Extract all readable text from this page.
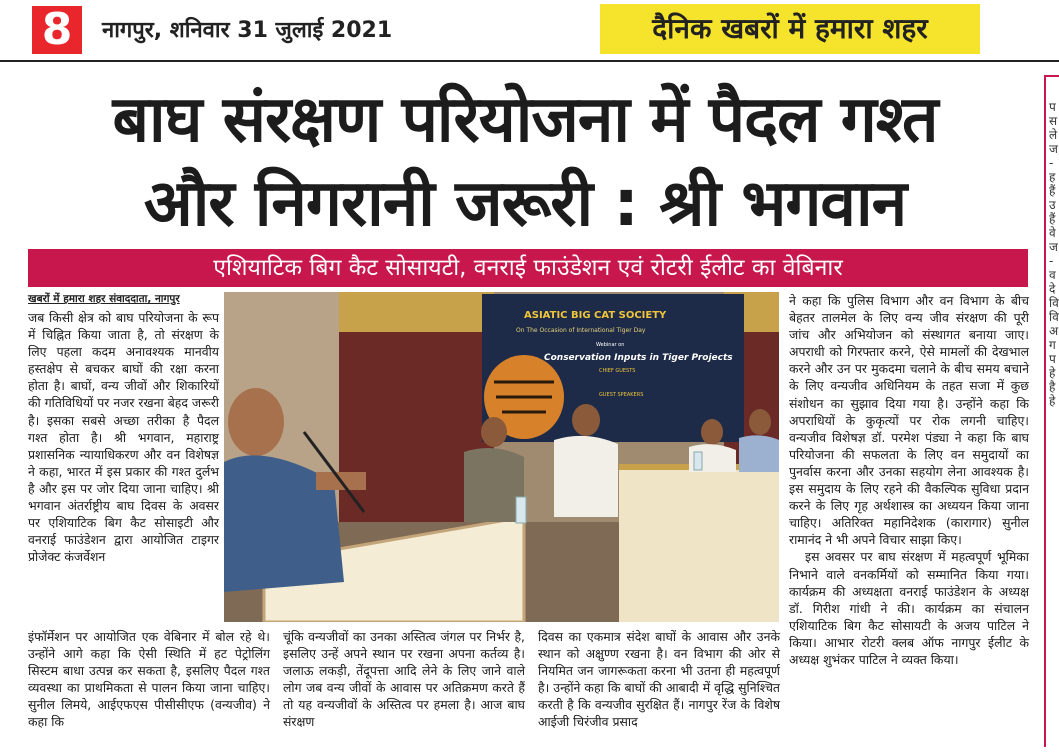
8	नागपुर, शनिवार 31 जुलाई 2021	दैनिक खबरों में हमारा शहर
बाघ संरक्षण परियोजना में पैदल गश्त
और निगरानी जरूरी : श्री भगवान
एशियाटिक बिग कैट सोसायटी, वनराई फाउंडेशन एवं रोटरी ईलीट का वेबिनार
खबरों में हमारा शहर संवाददाता, नागपुर
जब किसी क्षेत्र को बाघ परियोजना के रूप में चिह्नित किया जाता है, तो संरक्षण के लिए पहला कदम अनावश्यक मानवीय हस्तक्षेप से बचकर बाघों की रक्षा करना होता है। बाघों, वन्य जीवों और शिकारियों की गतिविधियों पर नजर रखना बेहद जरूरी है। इसका सबसे अच्छा तरीका है पैदल गश्त होता है। श्री भगवान, महाराष्ट्र प्रशासनिक न्यायाधिकरण और वन विशेषज्ञ ने कहा, भारत में इस प्रकार की गश्त दुर्लभ है और इस पर जोर दिया जाना चाहिए। श्री भगवान अंतर्राष्ट्रीय बाघ दिवस के अवसर पर एशियाटिक बिग कैट सोसाइटी और वनराई फाउंडेशन द्वारा आयोजित टाइगर प्रोजेक्ट कंजर्वेशन
ASIATIC BIG CAT SOCIETY
On The Occasion of International Tiger Day
Webinar on
Conservation Inputs in Tiger Projects
CHIEF GUESTS
GUEST SPEAKERS
इंफॉर्मेशन पर आयोजित एक वेबिनार में बोल रहे थे। उन्होंने आगे कहा कि ऐसी स्थिति में हट पेट्रोलिंग सिस्टम बाधा उत्पन्न कर सकता है, इसलिए पैदल गश्त व्यवस्था का प्राथमिकता से पालन किया जाना चाहिए। सुनील लिमये, आईएफएस पीसीसीएफ (वन्यजीव) ने कहा कि
चूंकि वन्यजीवों का उनका अस्तित्व जंगल पर निर्भर है, इसलिए उन्हें अपने स्थान पर रखना अपना कर्तव्य है। जलाऊ लकड़ी, तेंदूपत्ता आदि लेने के लिए जाने वाले लोग जब वन्य जीवों के आवास पर अतिक्रमण करते हैं तो यह वन्यजीवों के अस्तित्व पर हमला है। आज बाघ संरक्षण
दिवस का एकमात्र संदेश बाघों के आवास और उनके स्थान को अक्षुण्ण रखना है। वन विभाग की ओर से नियमित जन जागरूकता करना भी उतना ही महत्वपूर्ण है। उन्होंने कहा कि बाघों की आबादी में वृद्धि सुनिश्चित करती है कि वन्यजीव सुरक्षित हैं। नागपुर रेंज के विशेष आईजी चिरंजीव प्रसाद
ने कहा कि पुलिस विभाग और वन विभाग के बीच बेहतर तालमेल के लिए वन्य जीव संरक्षण की पूरी जांच और अभियोजन को संस्थागत बनाया जाए। अपराधी को गिरफ्तार करने, ऐसे मामलों की देखभाल करने और उन पर मुकदमा चलाने के बीच समय बचाने के लिए वन्यजीव अधिनियम के तहत सजा में कुछ संशोधन का सुझाव दिया गया है। उन्होंने कहा कि अपराधियों के कुकृत्यों पर रोक लगनी चाहिए। वन्यजीव विशेषज्ञ डॉ. परमेश पंड्या ने कहा कि बाघ परियोजना की सफलता के लिए वन समुदायों का पुनर्वास करना और उनका सहयोग लेना आवश्यक है। इस समुदाय के लिए रहने की वैकल्पिक सुविधा प्रदान करने के लिए गृह अर्थशास्त्र का अध्ययन किया जाना चाहिए। अतिरिक्त महानिदेशक (कारागार) सुनील रामानंद ने भी अपने विचार साझा किए।
इस अवसर पर बाघ संरक्षण में महत्वपूर्ण भूमिका निभाने वाले वनकर्मियों को सम्मानित किया गया। कार्यक्रम की अध्यक्षता वनराई फाउंडेशन के अध्यक्ष डॉ. गिरीश गांधी ने की। कार्यक्रम का संचालन एशियाटिक बिग कैट सोसायटी के अजय पाटिल ने किया। आभार रोटरी क्लब ऑफ नागपुर ईलीट के अध्यक्ष शुभंकर पाटिल ने व्यक्त किया।
प
स
ले
ज
-
ह
हैं
उ
हैं
वे
ज
-
व
दे
वि
वि
अ
ग
प
हे
है
हे
